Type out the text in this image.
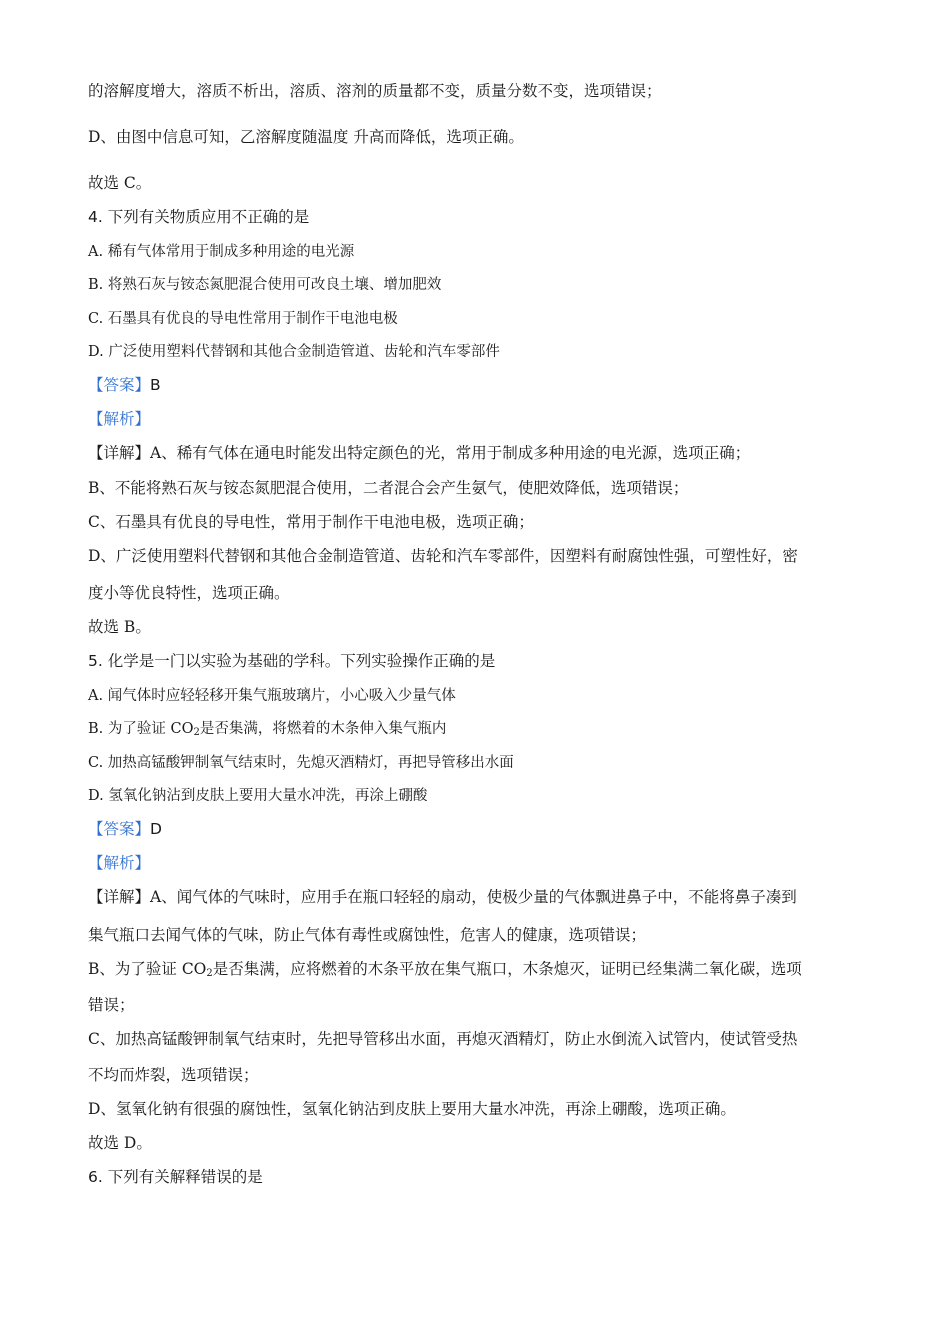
的溶解度增大，溶质不析出，溶质、溶剂的质量都不变，质量分数不变，选项错误；
D、由图中信息可知，乙溶解度随温度 升高而降低，选项正确。
故选 C。
4. 下列有关物质应用不正确的是
A. 稀有气体常用于制成多种用途的电光源
B. 将熟石灰与铵态氮肥混合使用可改良土壤、增加肥效
C. 石墨具有优良的导电性常用于制作干电池电极
D. 广泛使用塑料代替钢和其他合金制造管道、齿轮和汽车零部件
【答案】B
【解析】
【详解】A、稀有气体在通电时能发出特定颜色的光，常用于制成多种用途的电光源，选项正确；
B、不能将熟石灰与铵态氮肥混合使用，二者混合会产生氨气，使肥效降低，选项错误；
C、石墨具有优良的导电性，常用于制作干电池电极，选项正确；
D、广泛使用塑料代替钢和其他合金制造管道、齿轮和汽车零部件，因塑料有耐腐蚀性强，可塑性好，密
度小等优良特性，选项正确。
故选 B。
5. 化学是一门以实验为基础的学科。下列实验操作正确的是
A. 闻气体时应轻轻移开集气瓶玻璃片，小心吸入少量气体
B. 为了验证 $CO_2$是否集满，将燃着的木条伸入集气瓶内
C. 加热高锰酸钾制氧气结束时，先熄灭酒精灯，再把导管移出水面
D. 氢氧化钠沾到皮肤上要用大量水冲洗，再涂上硼酸
【答案】D
【解析】
【详解】A、闻气体的气味时，应用手在瓶口轻轻的扇动，使极少量的气体飘进鼻子中，不能将鼻子凑到
集气瓶口去闻气体的气味，防止气体有毒性或腐蚀性，危害人的健康，选项错误；
B、为了验证 $CO_2$是否集满，应将燃着的木条平放在集气瓶口，木条熄灭，证明已经集满二氧化碳，选项
错误；
C、加热高锰酸钾制氧气结束时，先把导管移出水面，再熄灭酒精灯，防止水倒流入试管内，使试管受热
不均而炸裂，选项错误；
D、氢氧化钠有很强的腐蚀性，氢氧化钠沾到皮肤上要用大量水冲洗，再涂上硼酸，选项正确。
故选 D。
6. 下列有关解释错误的是
